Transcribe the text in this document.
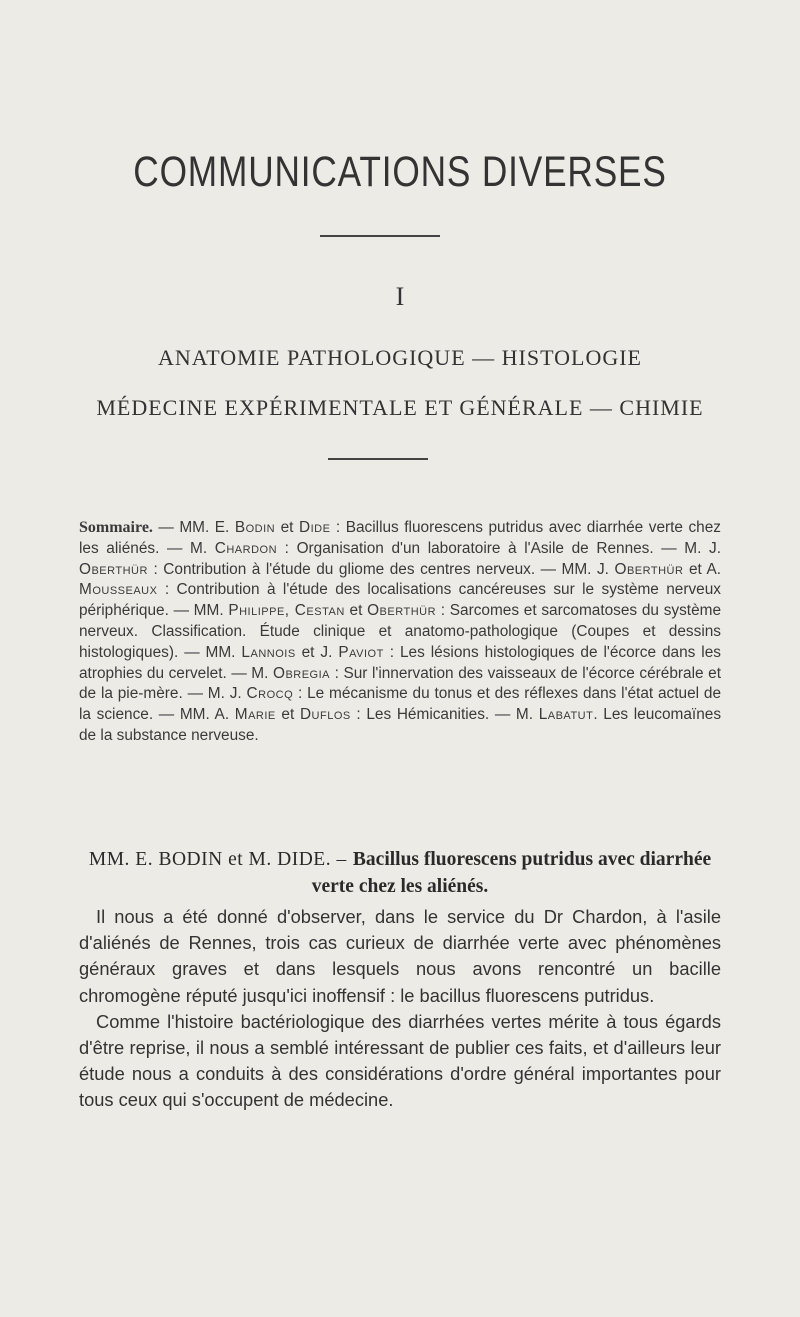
COMMUNICATIONS DIVERSES
I
ANATOMIE PATHOLOGIQUE — HISTOLOGIE
MÉDECINE EXPÉRIMENTALE ET GÉNÉRALE — CHIMIE
Sommaire. — MM. E. Bodin et Dide : Bacillus fluorescens putridus avec diarrhée verte chez les aliénés. — M. Chardon : Organisation d'un laboratoire à l'Asile de Rennes. — M. J. Oberthür : Contribution à l'étude du gliome des centres nerveux. — MM. J. Oberthür et A. Mousseaux : Contribution à l'étude des localisations cancéreuses sur le système nerveux périphérique. — MM. Philippe, Cestan et Oberthür : Sarcomes et sarcomatoses du système nerveux. Classification. Étude clinique et anatomo-pathologique (Coupes et dessins histologiques). — MM. Lannois et J. Paviot : Les lésions histologiques de l'écorce dans les atrophies du cervelet. — M. Obregia : Sur l'innervation des vaisseaux de l'écorce cérébrale et de la pie-mère. — M. J. Crocq : Le mécanisme du tonus et des réflexes dans l'état actuel de la science. — MM. A. Marie et Duflos : Les Hémicanities. — M. Labatut. Les leucomaïnes de la substance nerveuse.
MM. E. BODIN et M. DIDE. – Bacillus fluorescens putridus avec diarrhée verte chez les aliénés.

Il nous a été donné d'observer, dans le service du Dr Chardon, à l'asile d'aliénés de Rennes, trois cas curieux de diarrhée verte avec phénomènes généraux graves et dans lesquels nous avons rencontré un bacille chromogène réputé jusqu'ici inoffensif : le bacillus fluorescens putridus.

Comme l'histoire bactériologique des diarrhées vertes mérite à tous égards d'être reprise, il nous a semblé intéressant de publier ces faits, et d'ailleurs leur étude nous a conduits à des considérations d'ordre général importantes pour tous ceux qui s'occupent de médecine.
